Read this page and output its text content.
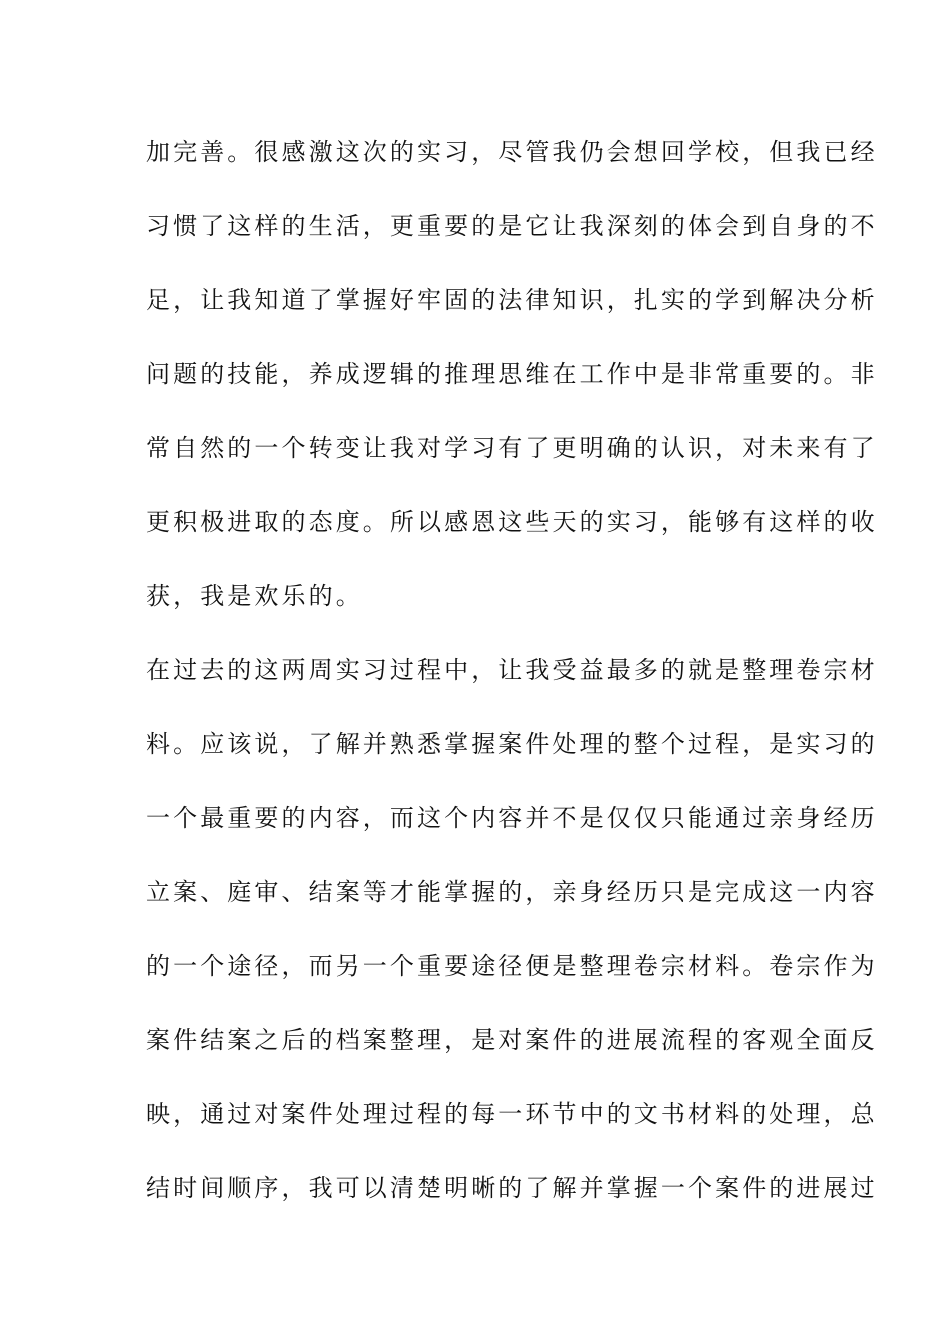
加完善。很感激这次的实习，尽管我仍会想回学校，但我已经
习惯了这样的生活，更重要的是它让我深刻的体会到自身的不
足，让我知道了掌握好牢固的法律知识，扎实的学到解决分析
问题的技能，养成逻辑的推理思维在工作中是非常重要的。非
常自然的一个转变让我对学习有了更明确的认识，对未来有了
更积极进取的态度。所以感恩这些天的实习，能够有这样的收
获，我是欢乐的。
在过去的这两周实习过程中，让我受益最多的就是整理卷宗材
料。应该说，了解并熟悉掌握案件处理的整个过程，是实习的
一个最重要的内容，而这个内容并不是仅仅只能通过亲身经历
立案、庭审、结案等才能掌握的，亲身经历只是完成这一内容
的一个途径，而另一个重要途径便是整理卷宗材料。卷宗作为
案件结案之后的档案整理，是对案件的进展流程的客观全面反
映，通过对案件处理过程的每一环节中的文书材料的处理，总
结时间顺序，我可以清楚明晰的了解并掌握一个案件的进展过
